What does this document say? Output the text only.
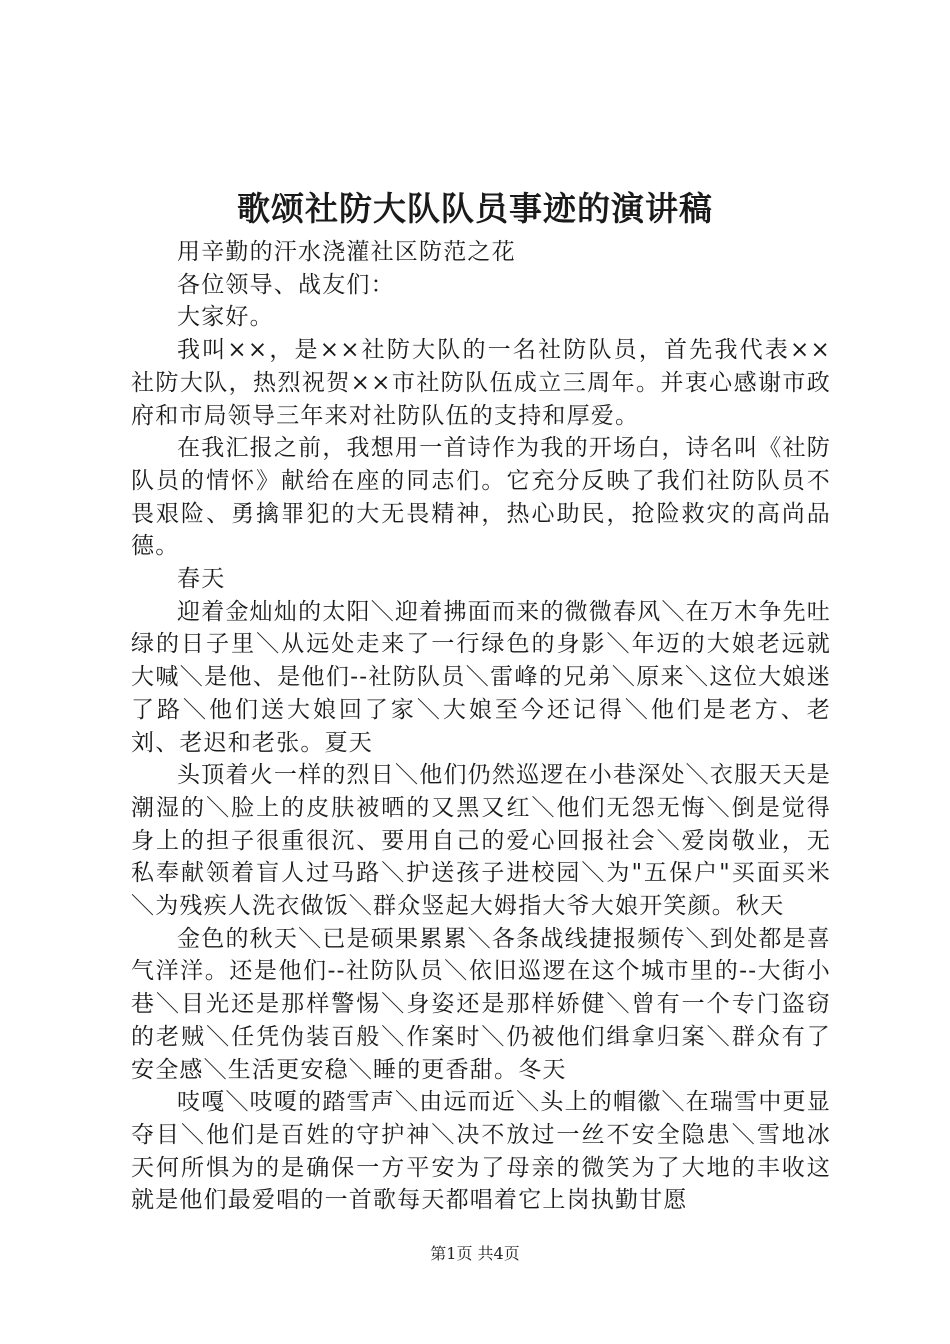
歌颂社防大队队员事迹的演讲稿

用辛勤的汗水浇灌社区防范之花

各位领导、战友们：

大家好。

我叫××，是××社防大队的一名社防队员，首先我代表××社防大队，热烈祝贺××市社防队伍成立三周年。并衷心感谢市政府和市局领导三年来对社防队伍的支持和厚爱。

在我汇报之前，我想用一首诗作为我的开场白，诗名叫《社防队员的情怀》献给在座的同志们。它充分反映了我们社防队员不畏艰险、勇擒罪犯的大无畏精神，热心助民，抢险救灾的高尚品德。

春天

迎着金灿灿的太阳＼迎着拂面而来的微微春风＼在万木争先吐绿的日子里＼从远处走来了一行绿色的身影＼年迈的大娘老远就大喊＼是他、是他们--社防队员＼雷峰的兄弟＼原来＼这位大娘迷了路＼他们送大娘回了家＼大娘至今还记得＼他们是老方、老刘、老迟和老张。夏天

头顶着火一样的烈日＼他们仍然巡逻在小巷深处＼衣服天天是潮湿的＼脸上的皮肤被晒的又黑又红＼他们无怨无悔＼倒是觉得身上的担子很重很沉、要用自己的爱心回报社会＼爱岗敬业，无私奉献领着盲人过马路＼护送孩子进校园＼为"五保户"买面买米＼为残疾人洗衣做饭＼群众竖起大姆指大爷大娘开笑颜。秋天

金色的秋天＼已是硕果累累＼各条战线捷报频传＼到处都是喜气洋洋。还是他们--社防队员＼依旧巡逻在这个城市里的--大街小巷＼目光还是那样警惕＼身姿还是那样娇健＼曾有一个专门盗窃的老贼＼任凭伪装百般＼作案时＼仍被他们缉拿归案＼群众有了安全感＼生活更安稳＼睡的更香甜。冬天

吱嘎＼吱嗄的踏雪声＼由远而近＼头上的帽徽＼在瑞雪中更显夺目＼他们是百姓的守护神＼决不放过一丝不安全隐患＼雪地冰天何所惧为的是确保一方平安为了母亲的微笑为了大地的丰收这就是他们最爱唱的一首歌每天都唱着它上岗执勤甘愿

第1页 共4页
